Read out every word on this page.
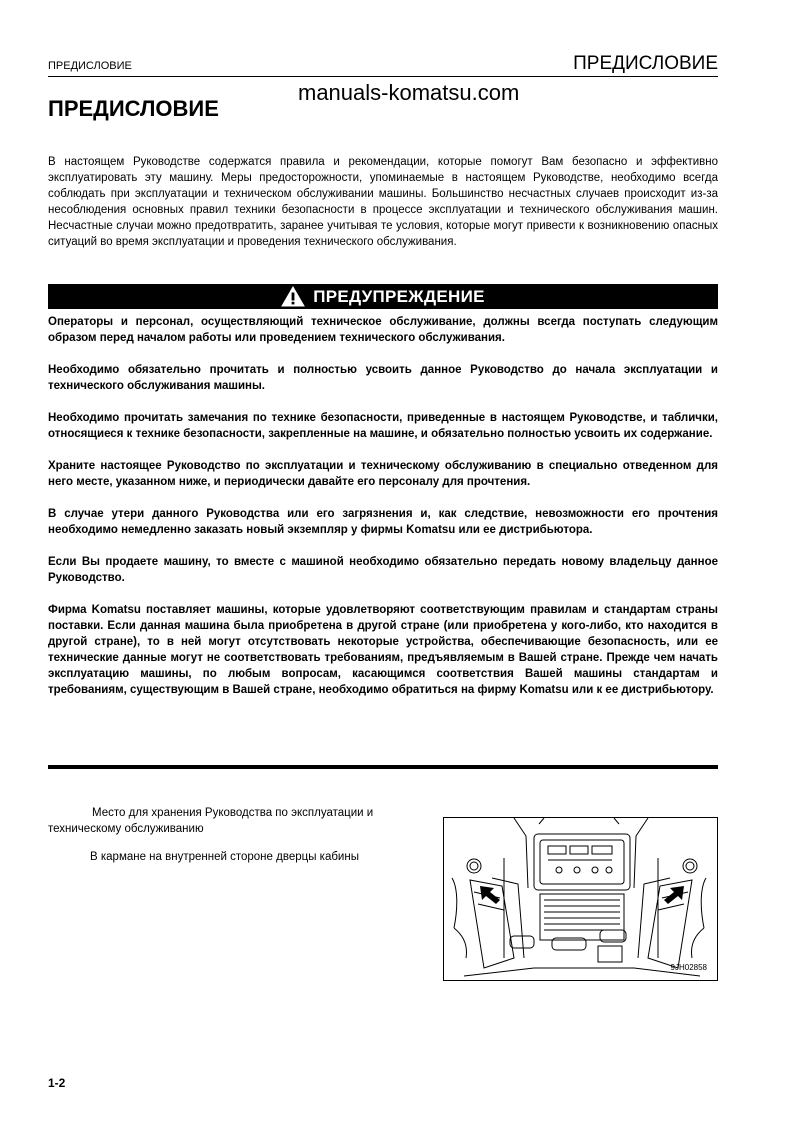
ПРЕДИСЛОВИЕ	ПРЕДИСЛОВИЕ
ПРЕДИСЛОВИЕ
manuals-komatsu.com
В настоящем Руководстве содержатся правила и рекомендации, которые помогут Вам безопасно и эффективно эксплуатировать эту машину. Меры предосторожности, упоминаемые в настоящем Руководстве, необходимо всегда соблюдать при эксплуатации и техническом обслуживании машины. Большинство несчастных случаев происходит из-за несоблюдения основных правил техники безопасности в процессе эксплуатации и технического обслуживания машин. Несчастные случаи можно предотвратить, заранее учитывая те условия, которые могут привести к возникновению опасных ситуаций во время эксплуатации и проведения технического обслуживания.
ПРЕДУПРЕЖДЕНИЕ

Операторы и персонал, осуществляющий техническое обслуживание, должны всегда поступать следующим образом перед началом работы или проведением технического обслуживания.

Необходимо обязательно прочитать и полностью усвоить данное Руководство до начала эксплуатации и технического обслуживания машины.

Необходимо прочитать замечания по технике безопасности, приведенные в настоящем Руководстве, и таблички, относящиеся к технике безопасности, закрепленные на машине, и обязательно полностью усвоить их содержание.

Храните настоящее Руководство по эксплуатации и техническому обслуживанию в специально отведенном для него месте, указанном ниже, и периодически давайте его персоналу для прочтения.

В случае утери данного Руководства или его загрязнения и, как следствие, невозможности его прочтения необходимо немедленно заказать новый экземпляр у фирмы Komatsu или ее дистрибьютора.

Если Вы продаете машину, то вместе с машиной необходимо обязательно передать новому владельцу данное Руководство.

Фирма Komatsu поставляет машины, которые удовлетворяют соответствующим правилам и стандартам страны поставки. Если данная машина была приобретена в другой стране (или приобретена у кого-либо, кто находится в другой стране), то в ней могут отсутствовать некоторые устройства, обеспечивающие безопасность, или ее технические данные могут не соответствовать требованиям, предъявляемым в Вашей стране. Прежде чем начать эксплуатацию машины, по любым вопросам, касающимся соответствия Вашей машины стандартам и требованиям, существующим в Вашей стране, необходимо обратиться на фирму Komatsu или к ее дистрибьютору.

Место для хранения Руководства по эксплуатации и техническому обслуживанию

В кармане на внутренней стороне дверцы кабины

9JH02858
1-2
